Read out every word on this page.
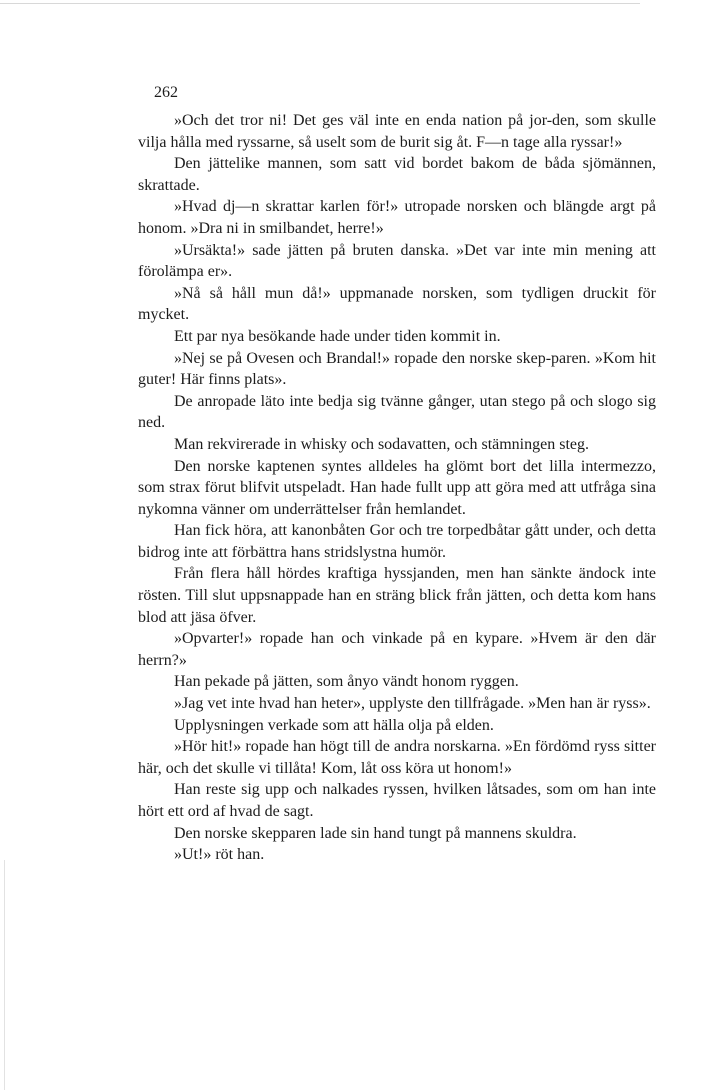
262

»Och det tror ni! Det ges väl inte en enda nation på jor-den, som skulle vilja hålla med ryssarne, så uselt som de burit sig åt. F—n tage alla ryssar!»

Den jättelike mannen, som satt vid bordet bakom de båda sjömännen, skrattade.

»Hvad dj—n skrattar karlen för!» utropade norsken och blängde argt på honom. »Dra ni in smilbandet, herre!»

»Ursäkta!» sade jätten på bruten danska. »Det var inte min mening att förolämpa er».

»Nå så håll mun då!» uppmanade norsken, som tydligen druckit för mycket.

Ett par nya besökande hade under tiden kommit in.

»Nej se på Ovesen och Brandal!» ropade den norske skep-paren. »Kom hit guter! Här finns plats».

De anropade läto inte bedja sig tvänne gånger, utan stego på och slogo sig ned.

Man rekvirerade in whisky och sodavatten, och stämningen steg.

Den norske kaptenen syntes alldeles ha glömt bort det lilla intermezzo, som strax förut blifvit utspeladt. Han hade fullt upp att göra med att utfråga sina nykomna vänner om underrättelser från hemlandet.

Han fick höra, att kanonbåten Gor och tre torpedbåtar gått under, och detta bidrog inte att förbättra hans stridslystna humör.

Från flera håll hördes kraftiga hyssjanden, men han sänkte ändock inte rösten. Till slut uppsnappade han en sträng blick från jätten, och detta kom hans blod att jäsa öfver.

»Opvarter!» ropade han och vinkade på en kypare. »Hvem är den där herrn?»

Han pekade på jätten, som ånyo vändt honom ryggen.

»Jag vet inte hvad han heter», upplyste den tillfrågade. »Men han är ryss».

Upplysningen verkade som att hälla olja på elden.

»Hör hit!» ropade han högt till de andra norskarna. »En fördömd ryss sitter här, och det skulle vi tillåta! Kom, låt oss köra ut honom!»

Han reste sig upp och nalkades ryssen, hvilken låtsades, som om han inte hört ett ord af hvad de sagt.

Den norske skepparen lade sin hand tungt på mannens skuldra.

»Ut!» röt han.
